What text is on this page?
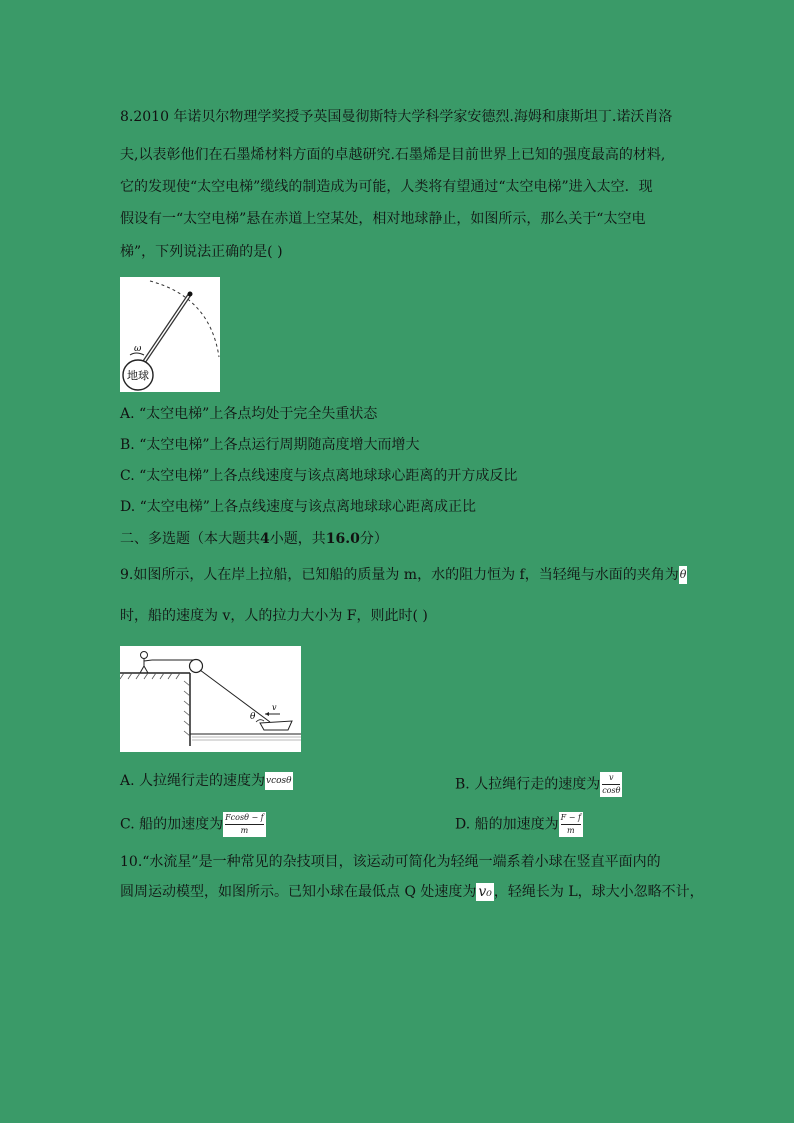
8.2010 年诺贝尔物理学奖授予英国曼彻斯特大学科学家安德烈.海姆和康斯坦丁.诺沃肖洛
夫,以表彰他们在石墨烯材料方面的卓越研究.石墨烯是目前世界上已知的强度最高的材料,
它的发现使“太空电梯”缆线的制造成为可能，人类将有望通过“太空电梯”进入太空．现
假设有一“太空电梯”悬在赤道上空某处，相对地球静止，如图所示，那么关于“太空电
梯”，下列说法正确的是( )
地球
ω
A. “太空电梯”上各点均处于完全失重状态
B. “太空电梯”上各点运行周期随高度增大而增大
C. “太空电梯”上各点线速度与该点离地球球心距离的开方成反比
D. “太空电梯”上各点线速度与该点离地球球心距离成正比
二、多选题（本大题共4小题，共16.0分）
9.如图所示，人在岸上拉船，已知船的质量为 m，水的阻力恒为 f，当轻绳与水面的夹角为θ
时，船的速度为 v，人的拉力大小为 F，则此时( )
v
θ
A. 人拉绳行走的速度为vcosθ	B. 人拉绳行走的速度为 $\frac{v}{\cos\theta}$
C. 船的加速度为 $\frac{Fcos\theta - f}{m}$	D. 船的加速度为 $\frac{F - f}{m}$
10.“水流星”是一种常见的杂技项目，该运动可简化为轻绳一端系着小球在竖直平面内的
圆周运动模型，如图所示。已知小球在最低点 Q 处速度为 v₀ ，轻绳长为 L，球大小忽略不计，
